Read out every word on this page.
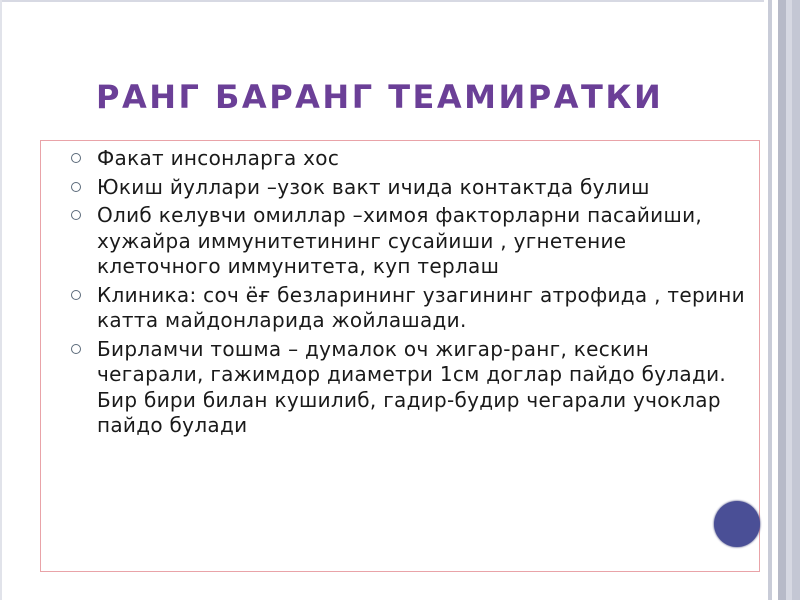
РАНГ БАРАНГ ТЕАМИРАТКИ
Факат инсонларга хос
Юкиш йуллари –узок вакт ичида контактда булиш
Олиб келувчи омиллар –химоя факторларни пасайиши, хужайра иммунитетининг сусайиши , угнетение клеточного иммунитета, куп терлаш
Клиника: соч ёғ безларининг узагининг атрофида , терини катта майдонларида жойлашади.
Бирламчи тошма – думалок оч жигар-ранг, кескин чегарали, гажимдор диаметри 1см доглар пайдо булади. Бир бири билан кушилиб, гадир-будир чегарали учоклар пайдо булади
